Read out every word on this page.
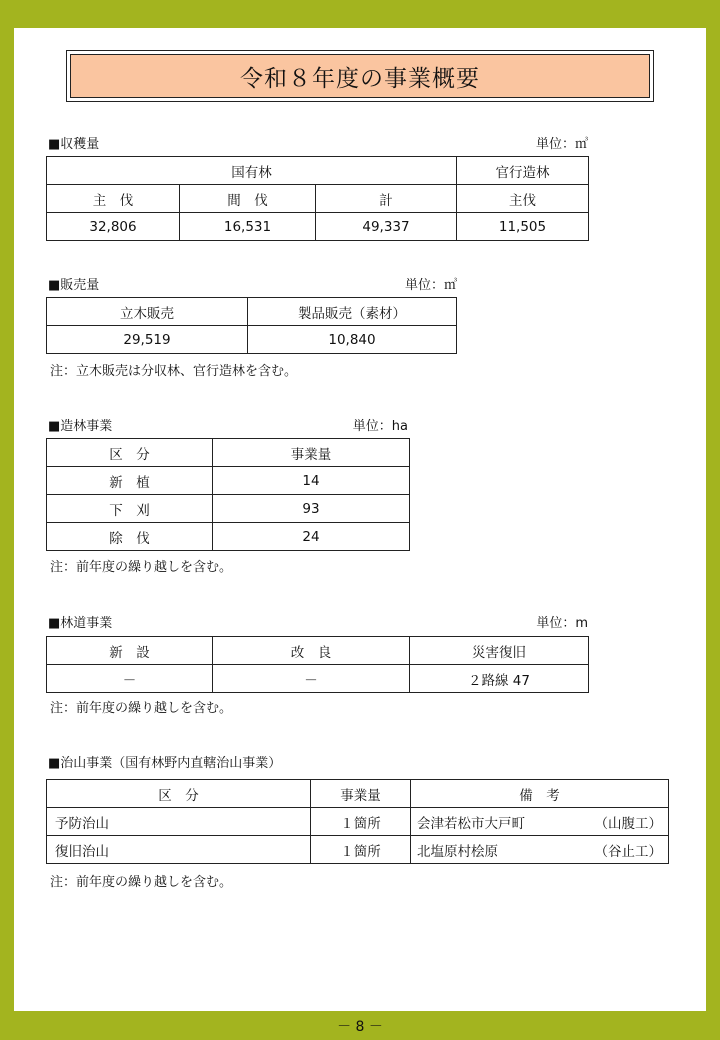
令和８年度の事業概要
■収穫量	単位：㎥
国有林			官行造林
主　伐	間　伐	計	主伐
32,806	16,531	49,337	11,505
■販売量	単位：㎥
立木販売	製品販売（素材）
29,519	10,840
注：立木販売は分収林、官行造林を含む。
■造林事業	単位：ha
区　分	事業量
新　植	14
下　刈	93
除　伐	24
注：前年度の繰り越しを含む。
■林道事業	単位：m
新　設	改　良	災害復旧
－	－	２路線 47
注：前年度の繰り越しを含む。
■治山事業（国有林野内直轄治山事業）
区　分	事業量	備　考
予防治山	１箇所	会津若松市大戸町 （山腹工）

復旧治山	１箇所	北塩原村桧原 （谷止工）
注：前年度の繰り越しを含む。
－ 8 －
